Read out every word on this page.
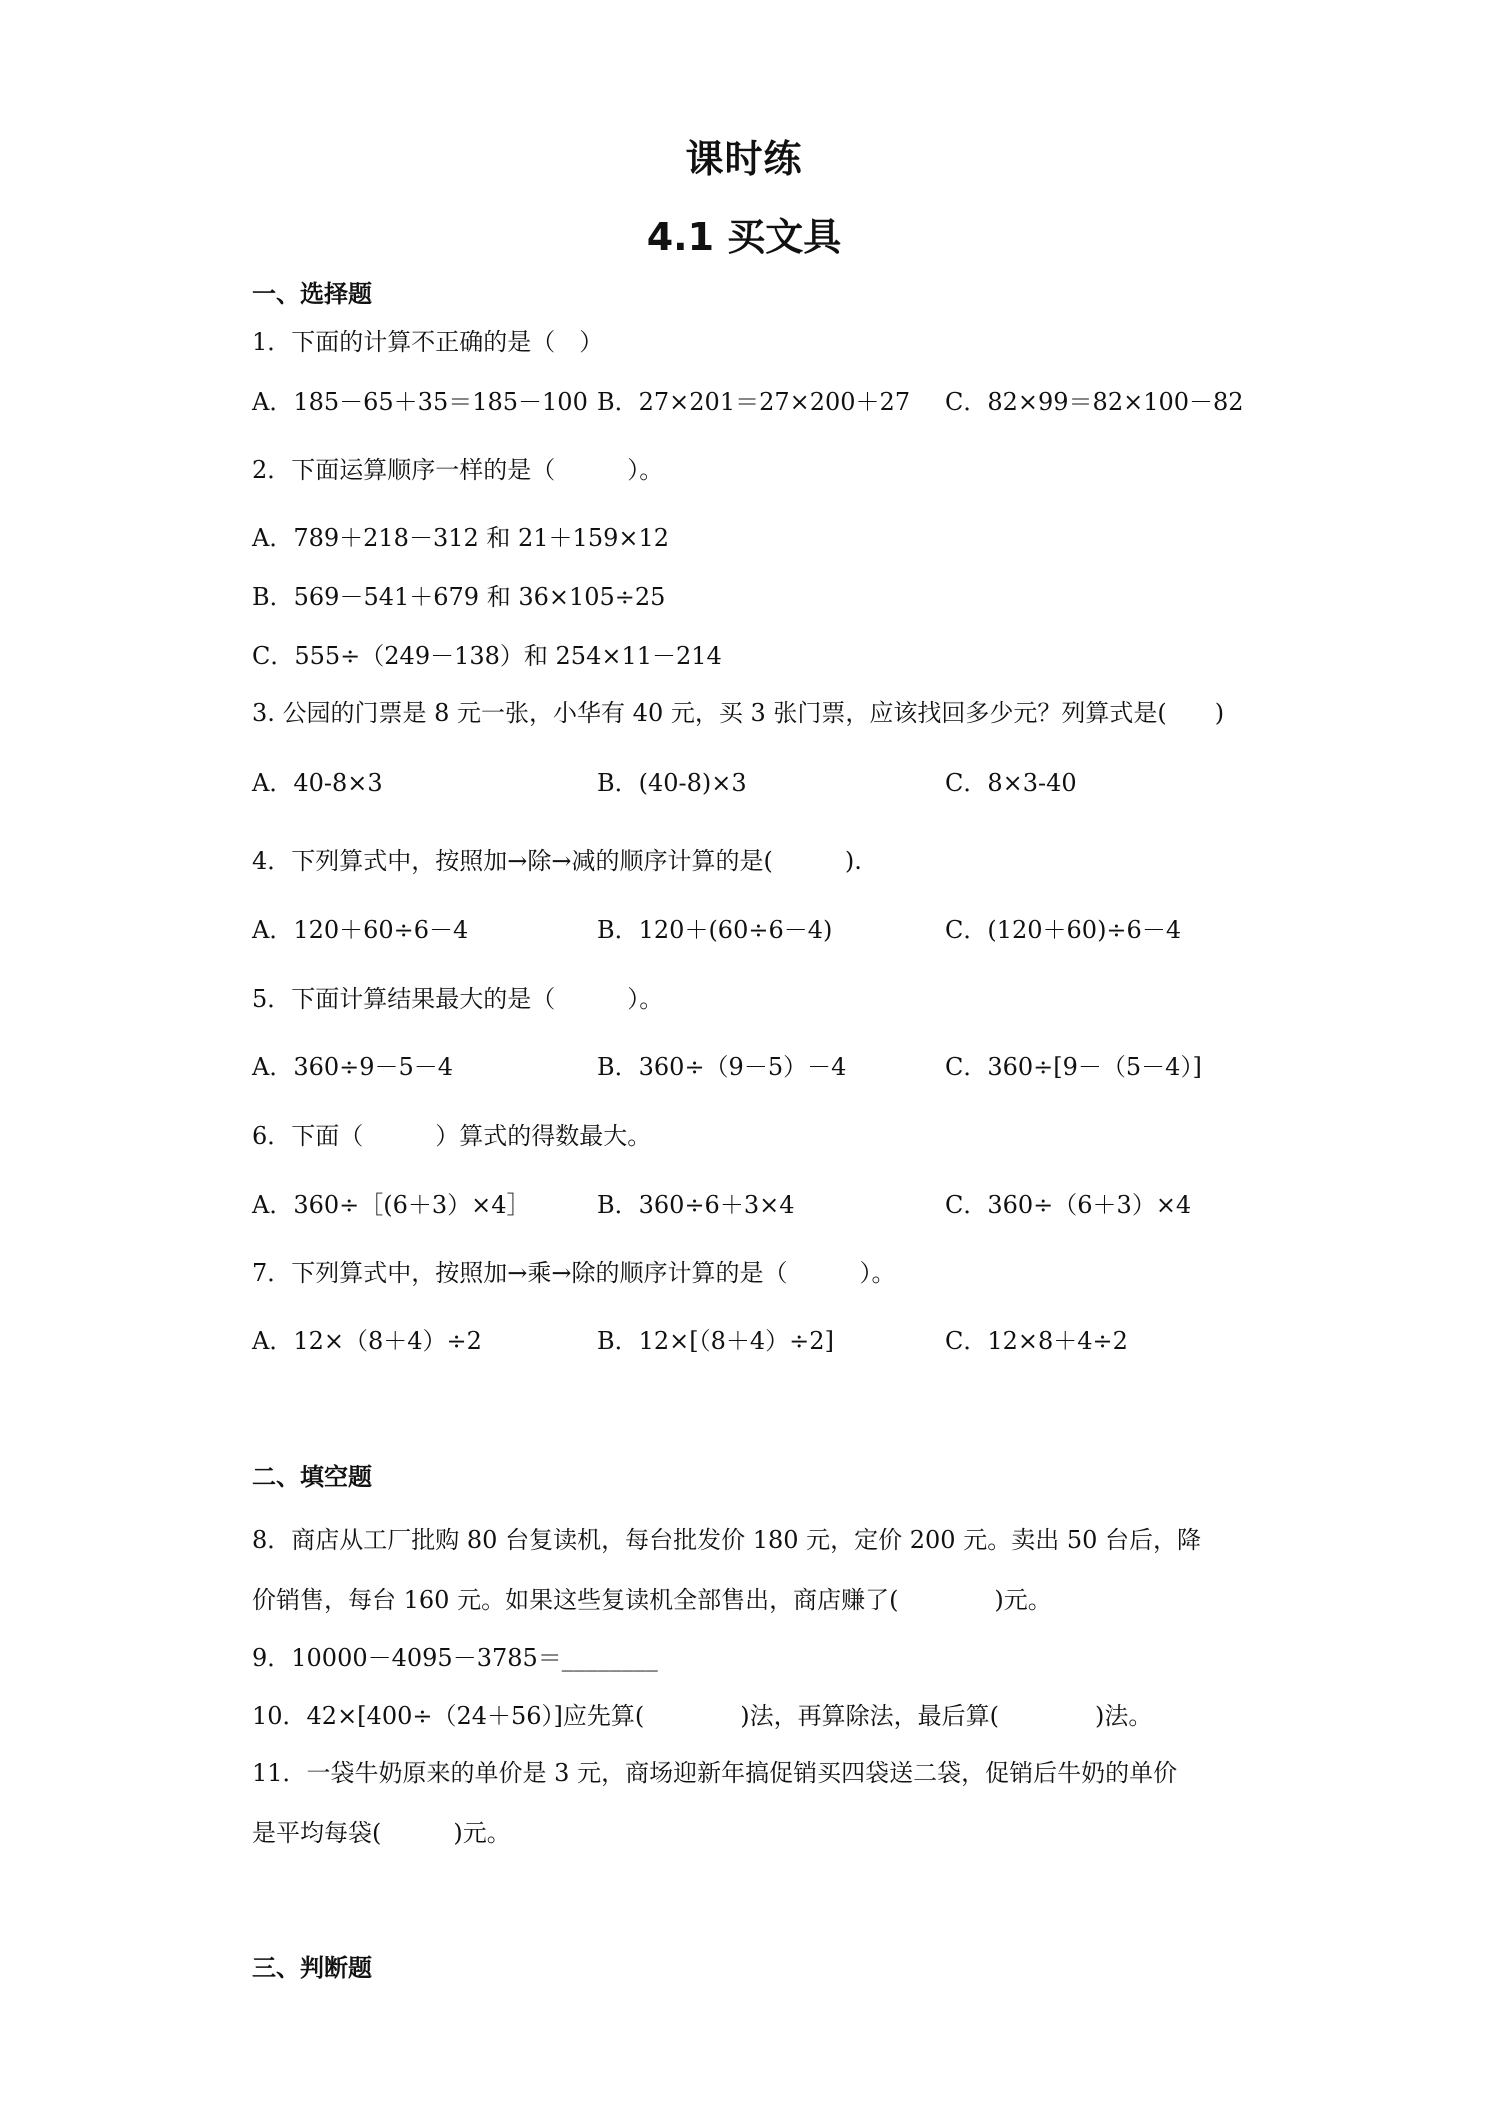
课时练
4.1 买文具
一、选择题
1．下面的计算不正确的是（　）
A．185－65＋35＝185－100 B．27×201＝27×200＋27 C．82×99＝82×100－82
2．下面运算顺序一样的是（　　　）。
A．789＋218－312 和 21＋159×12
B．569－541＋679 和 36×105÷25
C．555÷（249－138）和 254×11－214
3. 公园的门票是 8 元一张，小华有 40 元，买 3 张门票，应该找回多少元？列算式是(　　)
A．40-8×3	B．(40-8)×3	C．8×3-40
4．下列算式中，按照加→除→减的顺序计算的是(　　　).
A．120＋60÷6－4	B．120＋(60÷6－4)	C．(120＋60)÷6－4
5．下面计算结果最大的是（　　　）。
A．360÷9－5－4	B．360÷（9－5）－4	C．360÷[9－（5－4）]
6．下面（　　　）算式的得数最大。
A．360÷［(6＋3）×4］	B．360÷6＋3×4	C．360÷（6＋3）×4
7．下列算式中，按照加→乘→除的顺序计算的是（　　　）。
A．12×（8＋4）÷2	B．12×[（8＋4）÷2]	C．12×8＋4÷2
二、填空题
8．商店从工厂批购 80 台复读机，每台批发价 180 元，定价 200 元。卖出 50 台后，降
价销售，每台 160 元。如果这些复读机全部售出，商店赚了(　　　　)元。
9．10000－4095－3785＝________
10．42×[400÷（24＋56）]应先算(　　　　)法，再算除法，最后算(　　　　)法。
11．一袋牛奶原来的单价是 3 元，商场迎新年搞促销买四袋送二袋，促销后牛奶的单价
是平均每袋(　　　)元。
三、判断题
